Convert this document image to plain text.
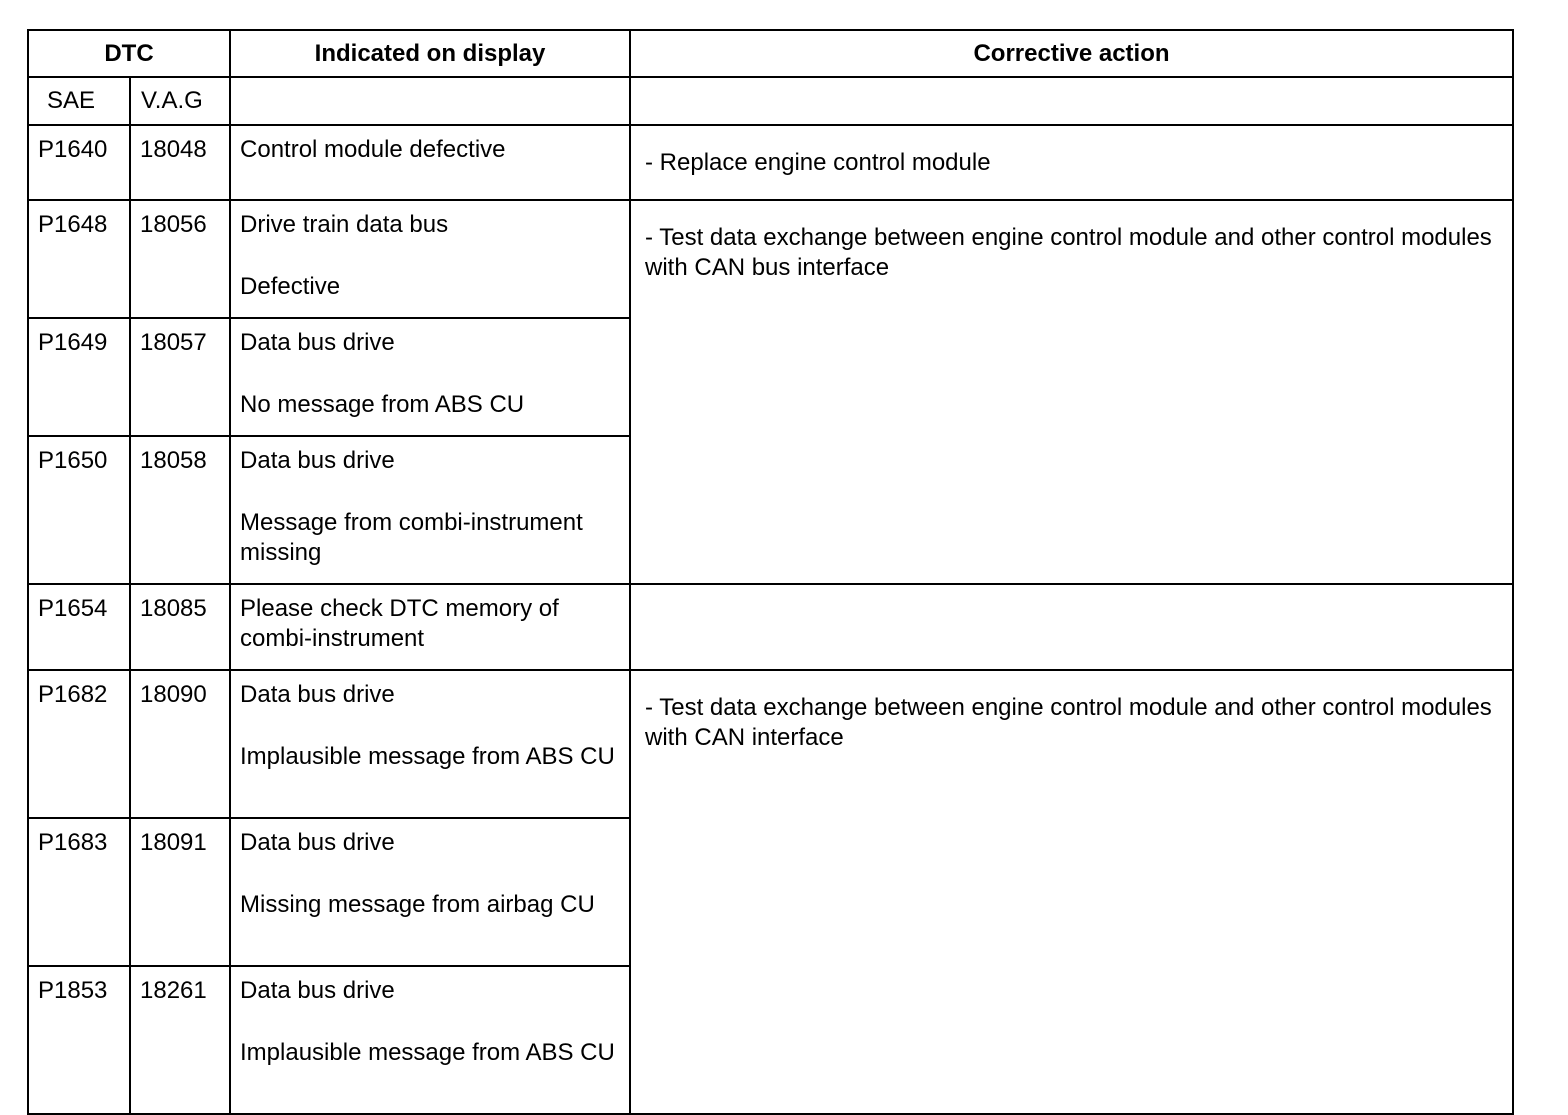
DTC		Indicated on display	Corrective action
SAE	V.A.G		
P1640	18048	Control module defective	- Replace engine control module

P1648	18056	Drive train data bus
Defective	- Test data exchange between engine control module and other control modules with CAN bus interface

P1649	18057	Data bus drive
No message from ABS CU	

P1650	18058	Data bus drive
Message from combi-instrument missing	

P1654	18085	Please check DTC memory of combi-instrument	

P1682	18090	Data bus drive
Implausible message from ABS CU	- Test data exchange between engine control module and other control modules with CAN interface

P1683	18091	Data bus drive
Missing message from airbag CU	

P1853	18261	Data bus drive
Implausible message from ABS CU	
